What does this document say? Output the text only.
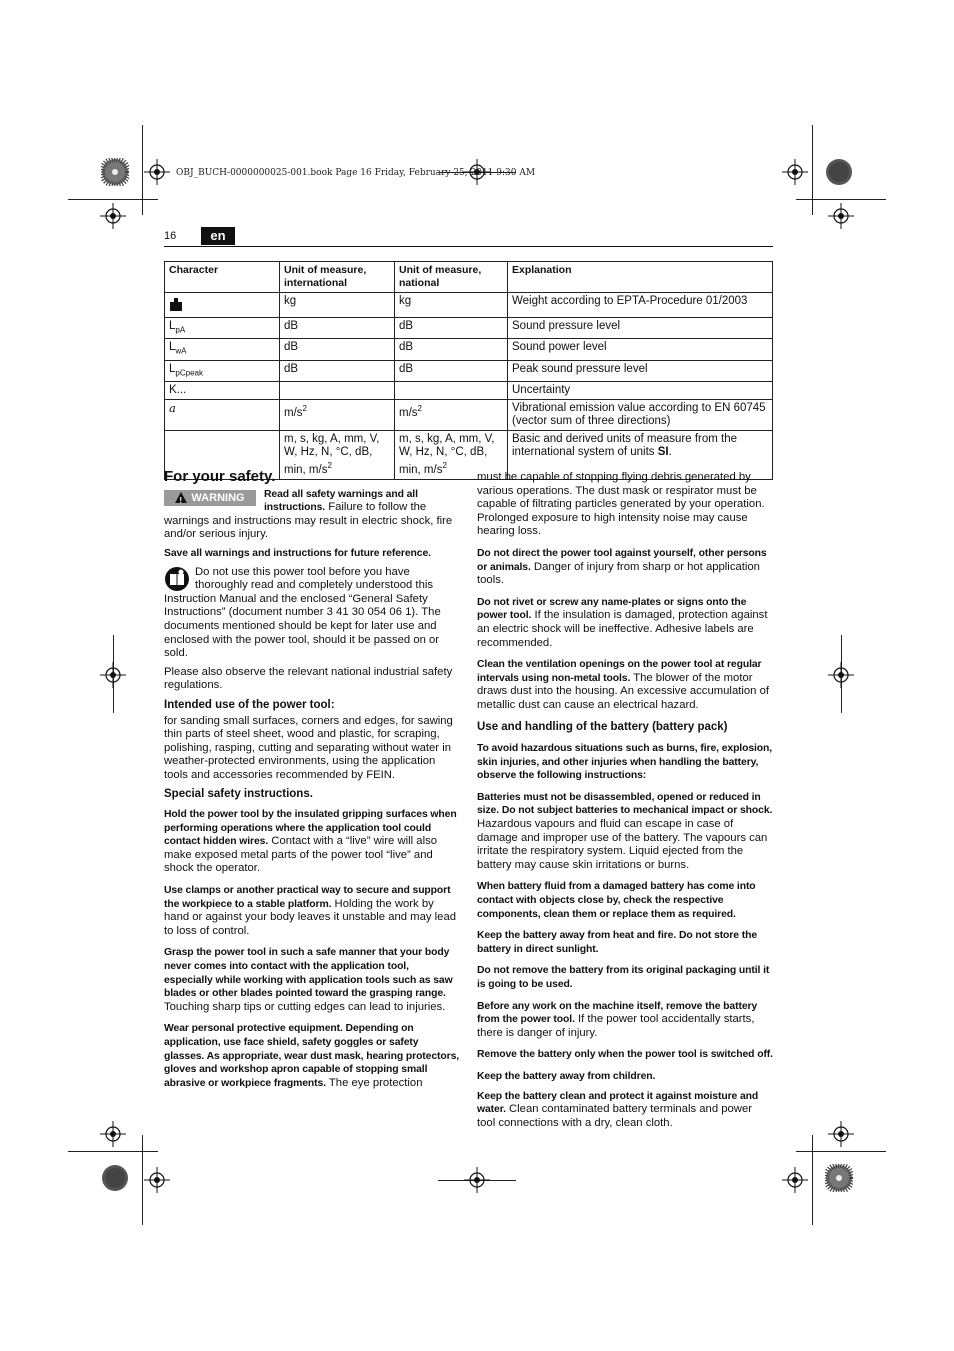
OBJ_BUCH-0000000025-001.book Page 16 Friday, February 25, 2011 9:30 AM
16	en
Character	Unit of measure, international	Unit of measure, national	Explanation
	kg	kg	Weight according to EPTA-Procedure 01/2003
$L_{pA}$	dB	dB	Sound pressure level
$L_{wA}$	dB	dB	Sound power level
$L_{pCpeak}$	dB	dB	Peak sound pressure level
K...			Uncertainty
a	$m/s^2$	$m/s^2$	Vibrational emission value according to EN 60745 (vector sum of three directions)
	m, s, kg, A, mm, V, W, Hz, N, °C, dB, min, $m/s^2$	m, s, kg, A, mm, V, W, Hz, N, °C, dB, min, $m/s^2$	Basic and derived units of measure from the international system of units SI.
For your safety.

!
WARNING Read all safety warnings and all instructions. Failure to follow the warnings and instructions may result in electric shock, fire and/or serious injury.

Save all warnings and instructions for future reference.

Do not use this power tool before you have thoroughly read and completely understood this Instruction Manual and the enclosed “General Safety Instructions” (document number 3 41 30 054 06 1). The documents mentioned should be kept for later use and enclosed with the power tool, should it be passed on or sold.

Please also observe the relevant national industrial safety regulations.

Intended use of the power tool:

for sanding small surfaces, corners and edges, for sawing thin parts of steel sheet, wood and plastic, for scraping, polishing, rasping, cutting and separating without water in weather-protected environments, using the application tools and accessories recommended by FEIN.

Special safety instructions.

Hold the power tool by the insulated gripping surfaces when performing operations where the application tool could contact hidden wires. Contact with a “live” wire will also make exposed metal parts of the power tool “live” and shock the operator.

Use clamps or another practical way to secure and support the workpiece to a stable platform. Holding the work by hand or against your body leaves it unstable and may lead to loss of control.

Grasp the power tool in such a safe manner that your body never comes into contact with the application tool, especially while working with application tools such as saw blades or other blades pointed toward the grasping range. Touching sharp tips or cutting edges can lead to injuries.

Wear personal protective equipment. Depending on application, use face shield, safety goggles or safety glasses. As appropriate, wear dust mask, hearing protectors, gloves and workshop apron capable of stopping small abrasive or workpiece fragments. The eye protection

must be capable of stopping flying debris generated by various operations. The dust mask or respirator must be capable of filtrating particles generated by your operation. Prolonged exposure to high intensity noise may cause hearing loss.

Do not direct the power tool against yourself, other persons or animals. Danger of injury from sharp or hot application tools.

Do not rivet or screw any name-plates or signs onto the power tool. If the insulation is damaged, protection against an electric shock will be ineffective. Adhesive labels are recommended.

Clean the ventilation openings on the power tool at regular intervals using non-metal tools. The blower of the motor draws dust into the housing. An excessive accumulation of metallic dust can cause an electrical hazard.

Use and handling of the battery (battery pack)

To avoid hazardous situations such as burns, fire, explosion, skin injuries, and other injuries when handling the battery, observe the following instructions:

Batteries must not be disassembled, opened or reduced in size. Do not subject batteries to mechanical impact or shock. Hazardous vapours and fluid can escape in case of damage and improper use of the battery. The vapours can irritate the respiratory system. Liquid ejected from the battery may cause skin irritations or burns.

When battery fluid from a damaged battery has come into contact with objects close by, check the respective components, clean them or replace them as required.

Keep the battery away from heat and fire. Do not store the battery in direct sunlight.

Do not remove the battery from its original packaging until it is going to be used.

Before any work on the machine itself, remove the battery from the power tool. If the power tool accidentally starts, there is danger of injury.

Remove the battery only when the power tool is switched off.

Keep the battery away from children.

Keep the battery clean and protect it against moisture and water. Clean contaminated battery terminals and power tool connections with a dry, clean cloth.
